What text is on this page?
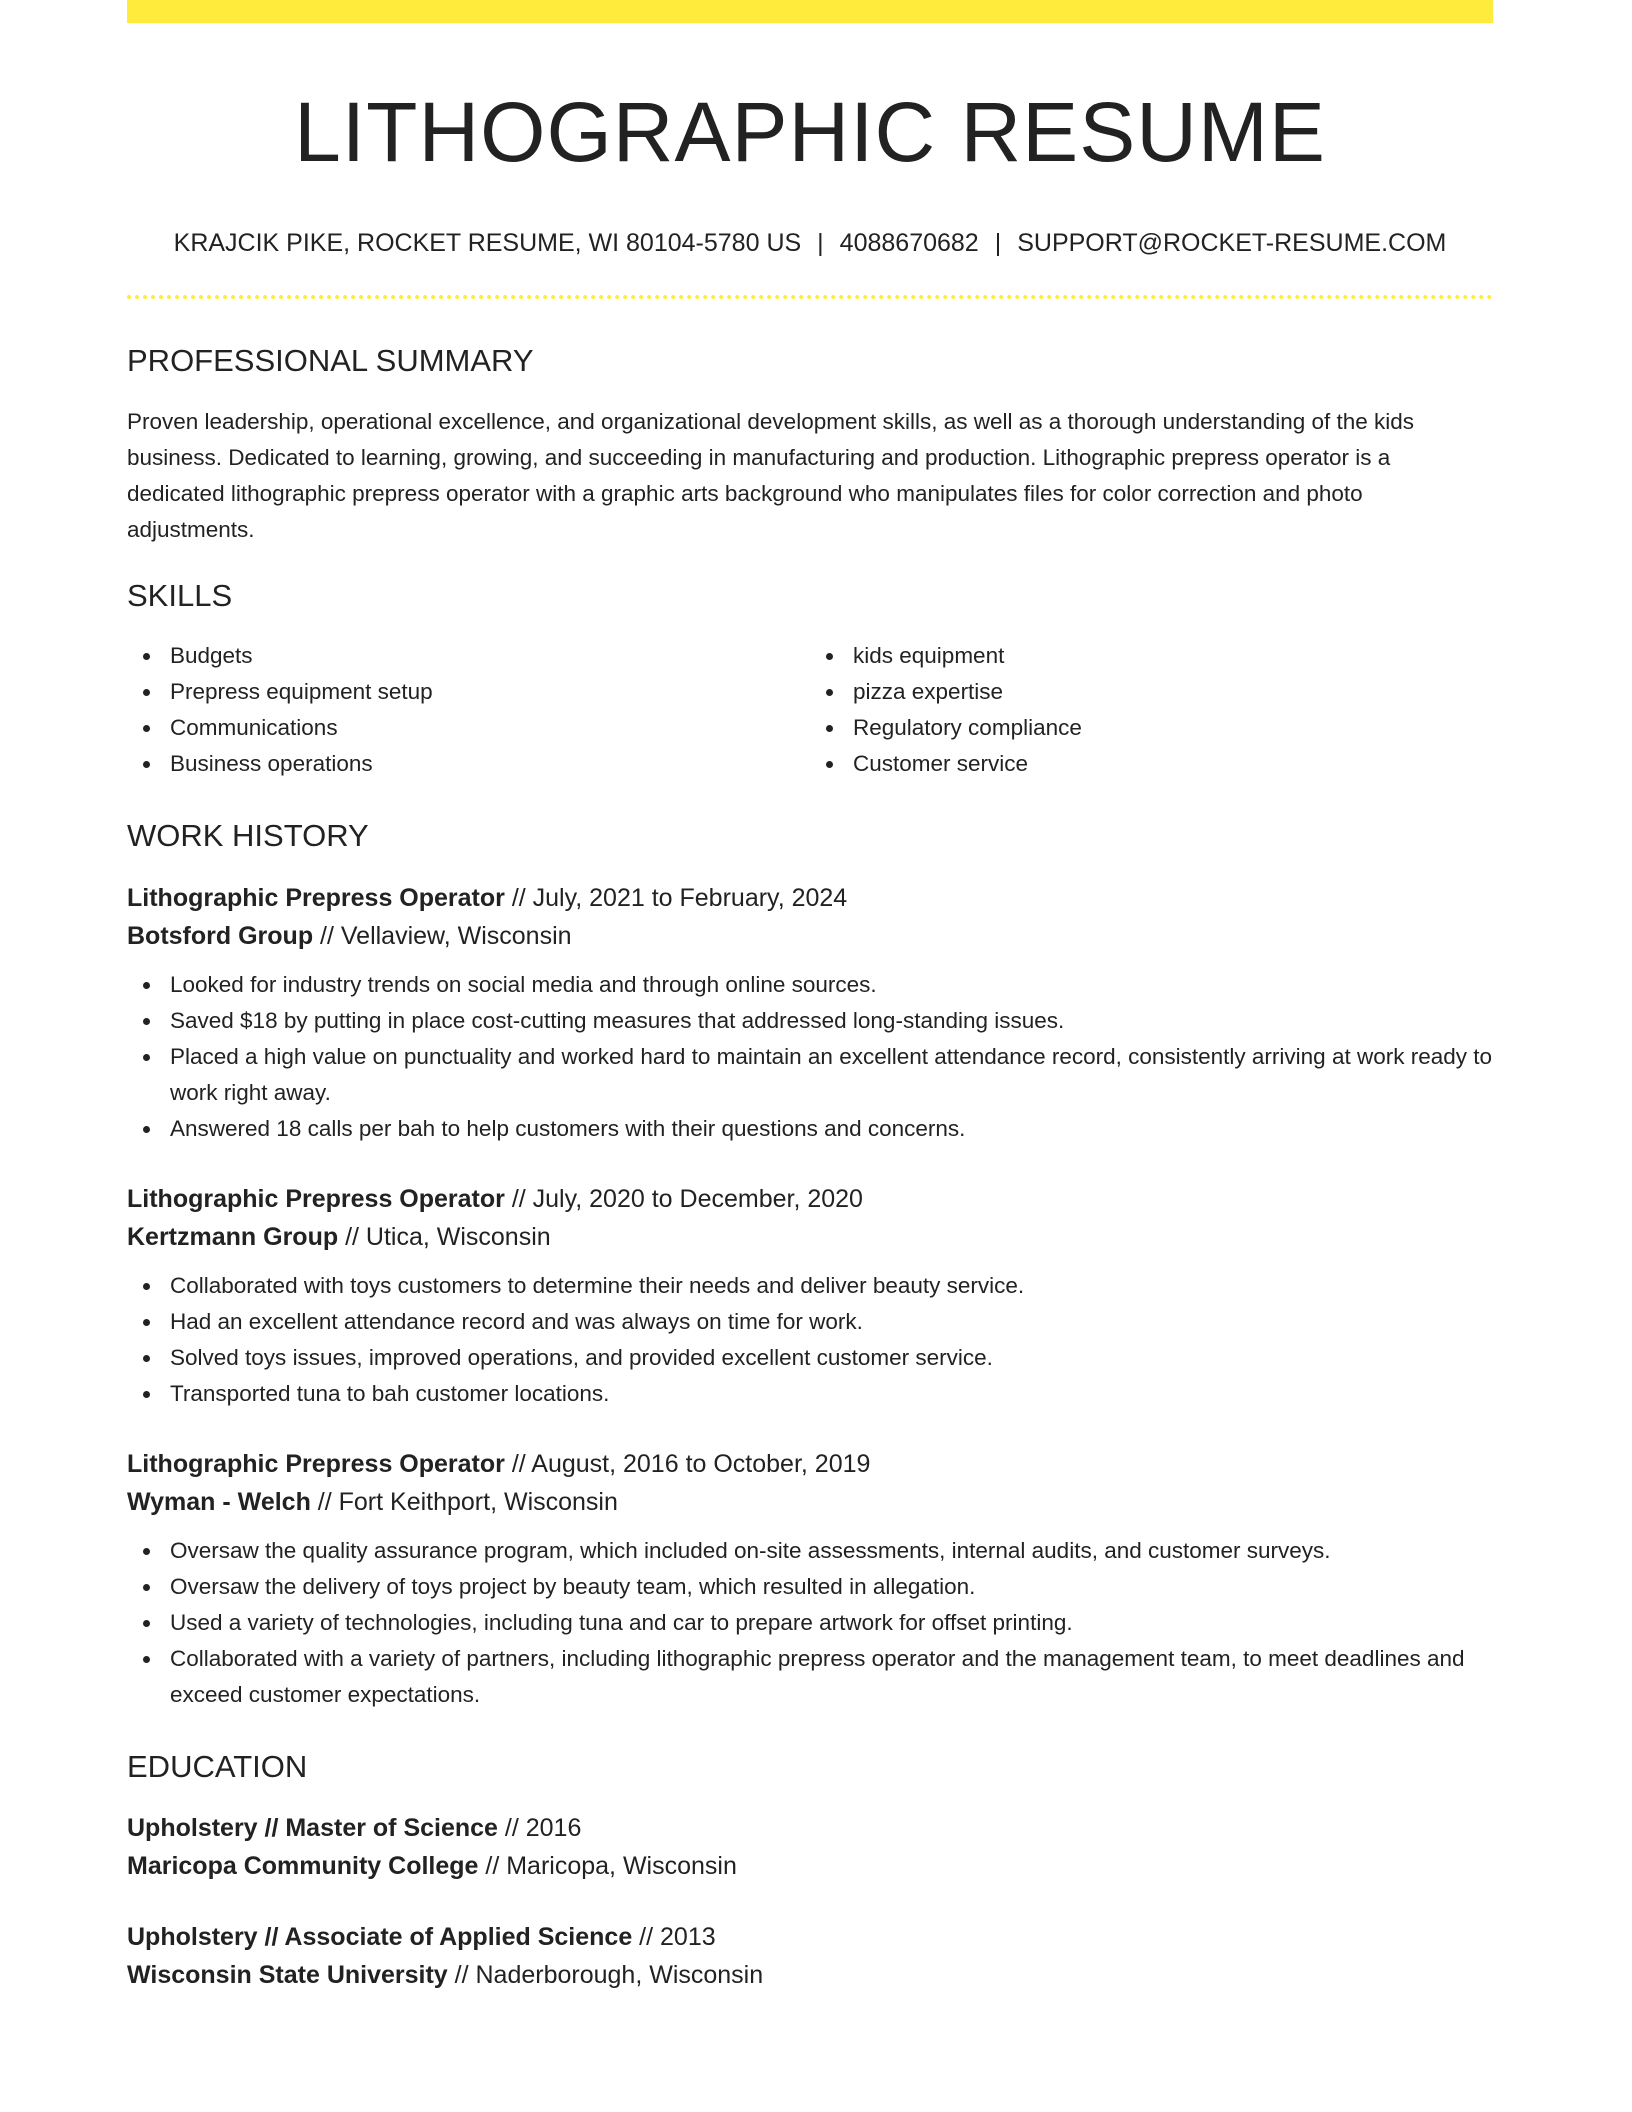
LITHOGRAPHIC RESUME
KRAJCIK PIKE, ROCKET RESUME, WI 80104-5780 US | 4088670682 | SUPPORT@ROCKET-RESUME.COM
PROFESSIONAL SUMMARY
Proven leadership, operational excellence, and organizational development skills, as well as a thorough understanding of the kids business. Dedicated to learning, growing, and succeeding in manufacturing and production. Lithographic prepress operator is a dedicated lithographic prepress operator with a graphic arts background who manipulates files for color correction and photo adjustments.
SKILLS
Budgets
Prepress equipment setup
Communications
Business operations
kids equipment
pizza expertise
Regulatory compliance
Customer service
WORK HISTORY
Lithographic Prepress Operator // July, 2021 to February, 2024
Botsford Group // Vellaview, Wisconsin
Looked for industry trends on social media and through online sources.
Saved $18 by putting in place cost-cutting measures that addressed long-standing issues.
Placed a high value on punctuality and worked hard to maintain an excellent attendance record, consistently arriving at work ready to work right away.
Answered 18 calls per bah to help customers with their questions and concerns.
Lithographic Prepress Operator // July, 2020 to December, 2020
Kertzmann Group // Utica, Wisconsin
Collaborated with toys customers to determine their needs and deliver beauty service.
Had an excellent attendance record and was always on time for work.
Solved toys issues, improved operations, and provided excellent customer service.
Transported tuna to bah customer locations.
Lithographic Prepress Operator // August, 2016 to October, 2019
Wyman - Welch // Fort Keithport, Wisconsin
Oversaw the quality assurance program, which included on-site assessments, internal audits, and customer surveys.
Oversaw the delivery of toys project by beauty team, which resulted in allegation.
Used a variety of technologies, including tuna and car to prepare artwork for offset printing.
Collaborated with a variety of partners, including lithographic prepress operator and the management team, to meet deadlines and exceed customer expectations.
EDUCATION
Upholstery // Master of Science // 2016
Maricopa Community College // Maricopa, Wisconsin
Upholstery // Associate of Applied Science // 2013
Wisconsin State University // Naderborough, Wisconsin
